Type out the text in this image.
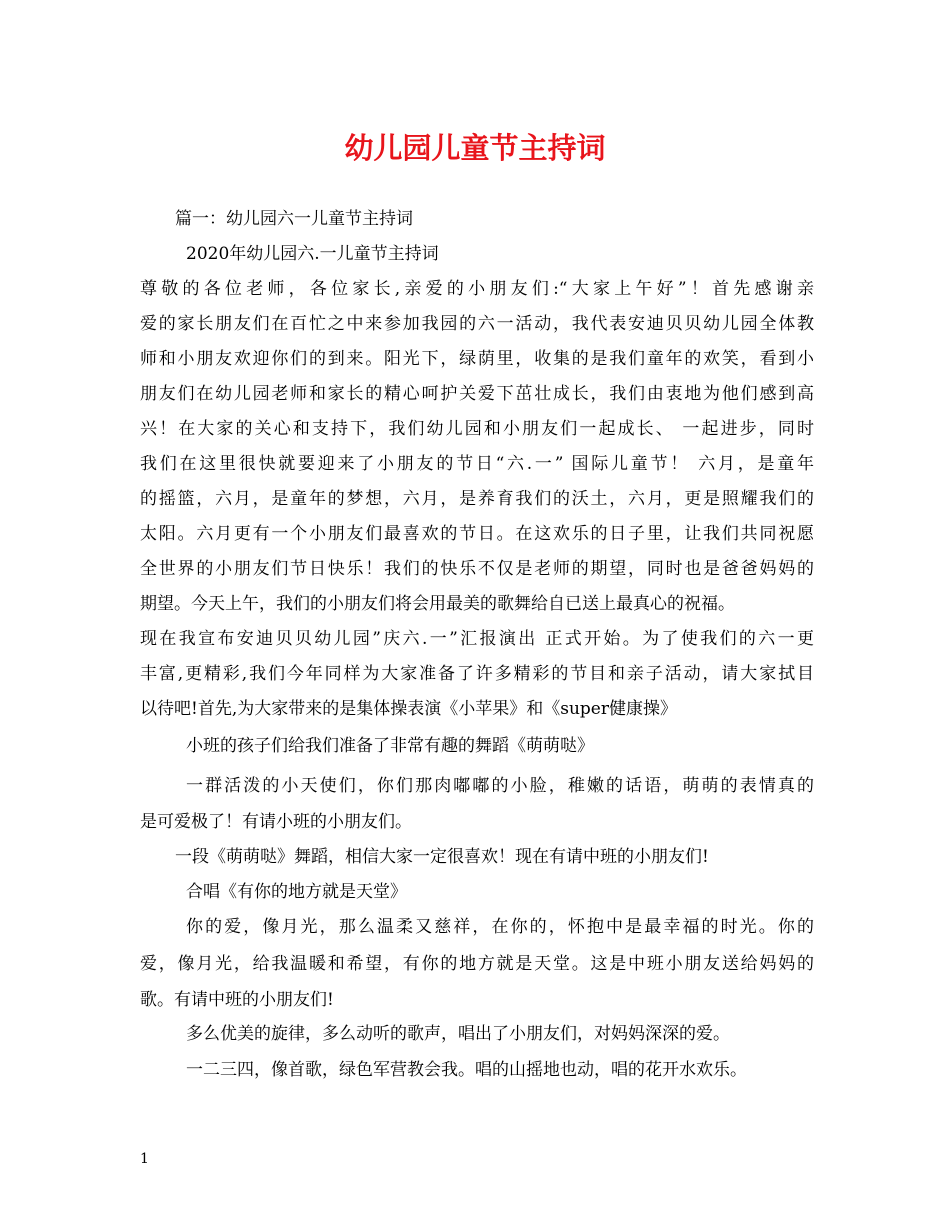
幼儿园儿童节主持词
篇一：幼儿园六一儿童节主持词
2020年幼儿园六.一儿童节主持词
尊敬的各位老师，各位家长,亲爱的小朋友们:“大家上午好”！首先感谢亲
爱的家长朋友们在百忙之中来参加我园的六一活动，我代表安迪贝贝幼儿园全体教
师和小朋友欢迎你们的到来。阳光下，绿荫里，收集的是我们童年的欢笑，看到小
朋友们在幼儿园老师和家长的精心呵护关爱下茁壮成长，我们由衷地为他们感到高
兴！在大家的关心和支持下，我们幼儿园和小朋友们一起成长、 一起进步，同时
我们在这里很快就要迎来了小朋友的节日“六.一” 国际儿童节！ 六月，是童年
的摇篮，六月，是童年的梦想，六月，是养育我们的沃土，六月，更是照耀我们的
太阳。六月更有一个小朋友们最喜欢的节日。在这欢乐的日子里，让我们共同祝愿
全世界的小朋友们节日快乐！我们的快乐不仅是老师的期望，同时也是爸爸妈妈的
期望。今天上午，我们的小朋友们将会用最美的歌舞给自已送上最真心的祝福。
现在我宣布安迪贝贝幼儿园”庆六.一”汇报演出 正式开始。为了使我们的六一更
丰富,更精彩,我们今年同样为大家准备了许多精彩的节目和亲子活动，请大家拭目
以待吧!首先,为大家带来的是集体操表演《小苹果》和《super健康操》
小班的孩子们给我们准备了非常有趣的舞蹈《萌萌哒》
一群活泼的小天使们，你们那肉嘟嘟的小脸，稚嫩的话语，萌萌的表情真的
是可爱极了！有请小班的小朋友们。
一段《萌萌哒》舞蹈，相信大家一定很喜欢！现在有请中班的小朋友们!
合唱《有你的地方就是天堂》
你的爱，像月光，那么温柔又慈祥，在你的，怀抱中是最幸福的时光。你的
爱，像月光，给我温暖和希望，有你的地方就是天堂。这是中班小朋友送给妈妈的
歌。有请中班的小朋友们!
多么优美的旋律，多么动听的歌声，唱出了小朋友们，对妈妈深深的爱。
一二三四，像首歌，绿色军营教会我。唱的山摇地也动，唱的花开水欢乐。
1
